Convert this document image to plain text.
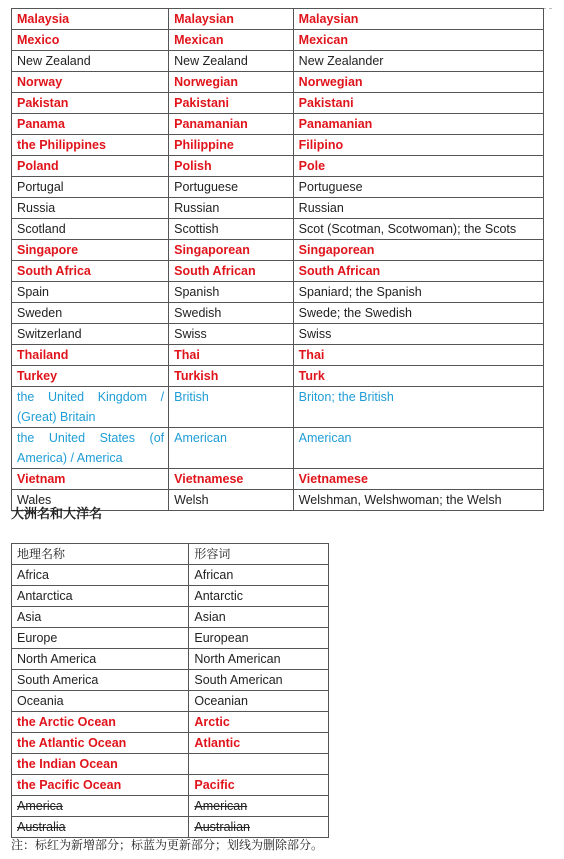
Malaysia	Malaysian	Malaysian
Mexico	Mexican	Mexican
New Zealand	New Zealand	New Zealander
Norway	Norwegian	Norwegian
Pakistan	Pakistani	Pakistani
Panama	Panamanian	Panamanian
the Philippines	Philippine	Filipino
Poland	Polish	Pole
Portugal	Portuguese	Portuguese
Russia	Russian	Russian
Scotland	Scottish	Scot (Scotman, Scotwoman); the Scots
Singapore	Singaporean	Singaporean
South Africa	South African	South African
Spain	Spanish	Spaniard; the Spanish
Sweden	Swedish	Swede; the Swedish
Switzerland	Swiss	Swiss
Thailand	Thai	Thai
Turkey	Turkish	Turk
the United Kingdom / (Great) Britain	British	Briton; the British
the United States (of America) / America	American	American
Vietnam	Vietnamese	Vietnamese
Wales	Welsh	Welshman, Welshwoman; the Welsh
大洲名和大洋名
地理名称	形容词
Africa	African
Antarctica	Antarctic
Asia	Asian
Europe	European
North America	North American
South America	South American
Oceania	Oceanian
the Arctic Ocean	Arctic
the Atlantic Ocean	Atlantic
the Indian Ocean	
the Pacific Ocean	Pacific
America	American
Australia	Australian
注：标红为新增部分；标蓝为更新部分；划线为删除部分。
